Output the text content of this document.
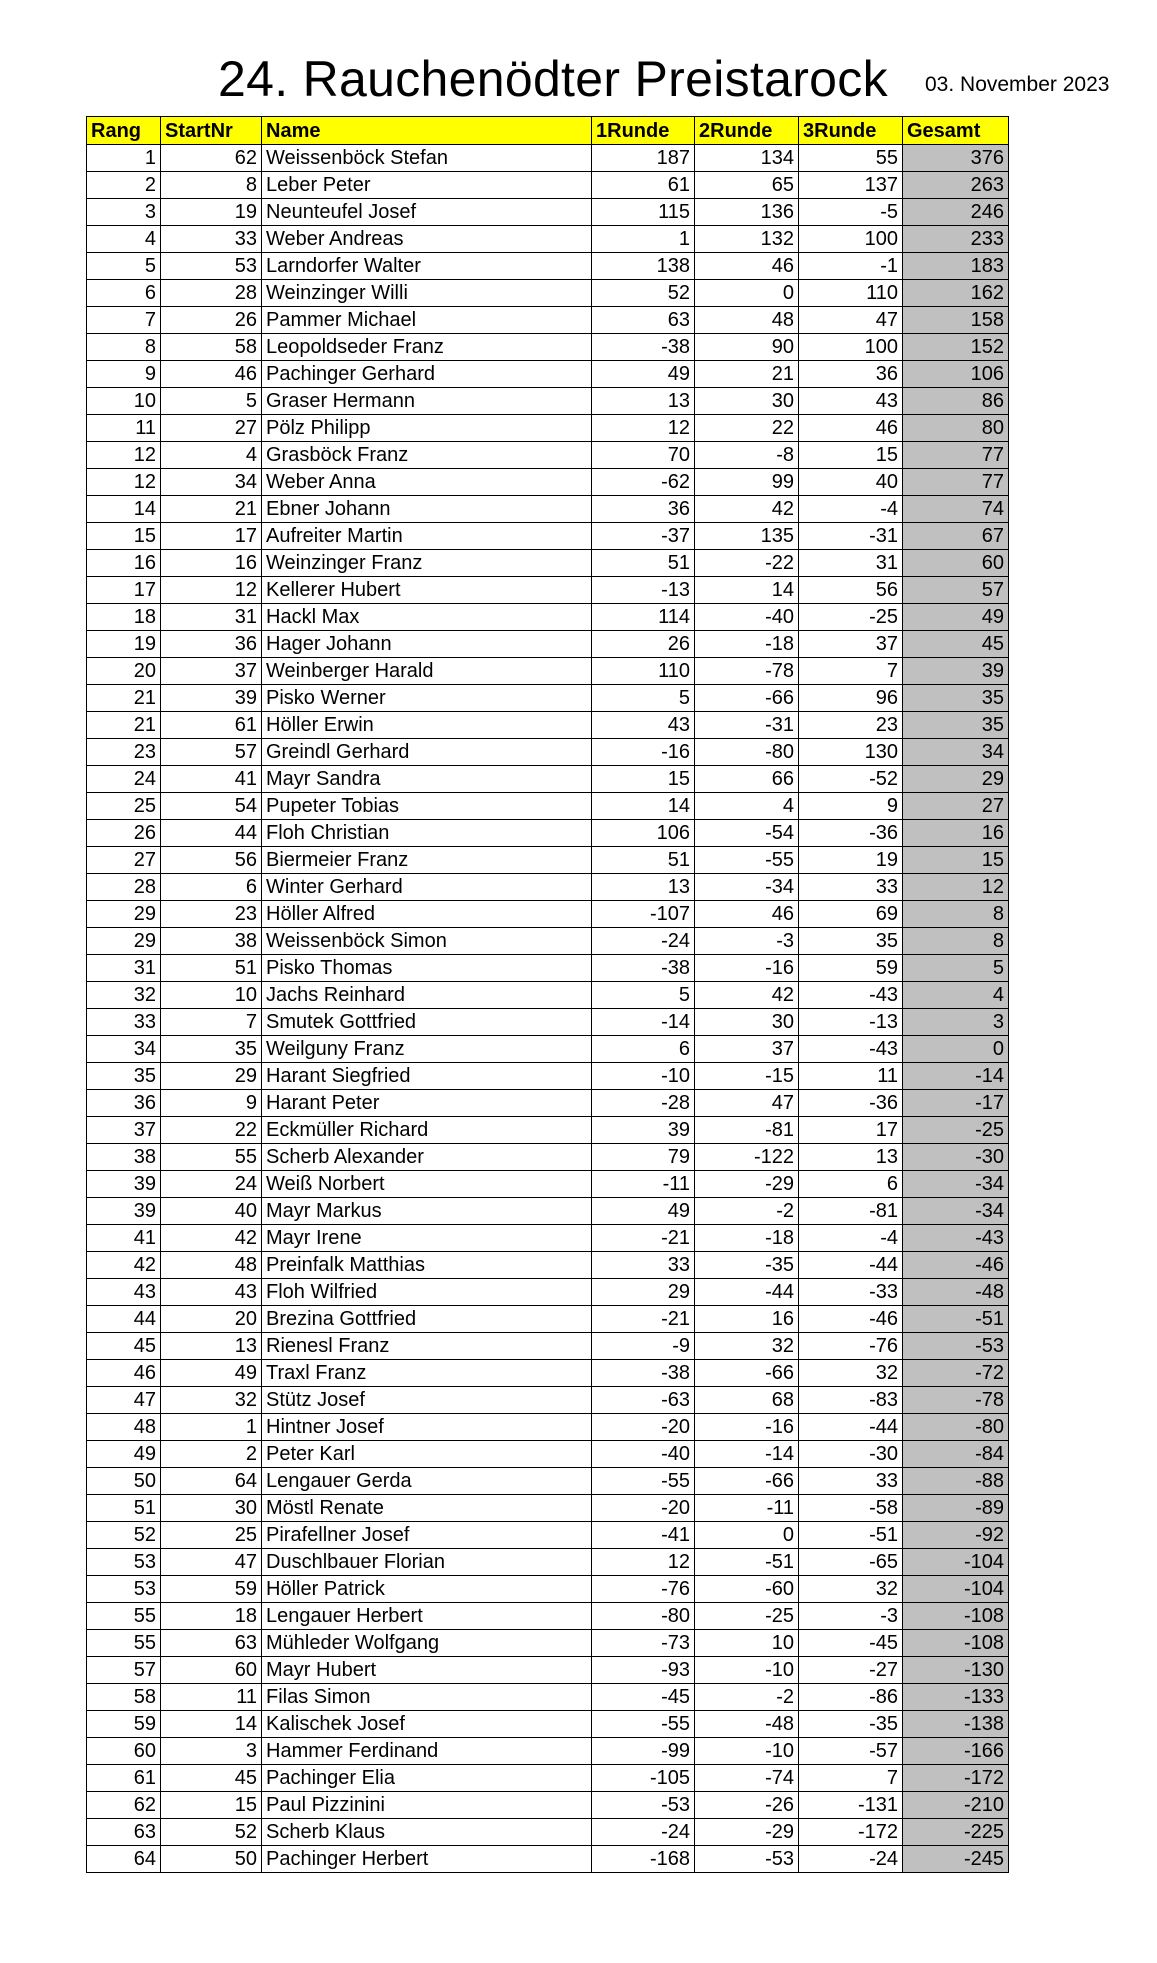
24. Rauchenödter Preistarock 03. November 2023
Rang	StartNr	Name	1Runde	2Runde	3Runde	Gesamt
1	62	Weissenböck Stefan	187	134	55	376
2	8	Leber Peter	61	65	137	263
3	19	Neunteufel Josef	115	136	-5	246
4	33	Weber Andreas	1	132	100	233
5	53	Larndorfer Walter	138	46	-1	183
6	28	Weinzinger Willi	52	0	110	162
7	26	Pammer Michael	63	48	47	158
8	58	Leopoldseder Franz	-38	90	100	152
9	46	Pachinger Gerhard	49	21	36	106
10	5	Graser Hermann	13	30	43	86
11	27	Pölz Philipp	12	22	46	80
12	4	Grasböck Franz	70	-8	15	77
12	34	Weber Anna	-62	99	40	77
14	21	Ebner Johann	36	42	-4	74
15	17	Aufreiter Martin	-37	135	-31	67
16	16	Weinzinger Franz	51	-22	31	60
17	12	Kellerer Hubert	-13	14	56	57
18	31	Hackl Max	114	-40	-25	49
19	36	Hager Johann	26	-18	37	45
20	37	Weinberger Harald	110	-78	7	39
21	39	Pisko Werner	5	-66	96	35
21	61	Höller Erwin	43	-31	23	35
23	57	Greindl Gerhard	-16	-80	130	34
24	41	Mayr Sandra	15	66	-52	29
25	54	Pupeter Tobias	14	4	9	27
26	44	Floh Christian	106	-54	-36	16
27	56	Biermeier Franz	51	-55	19	15
28	6	Winter Gerhard	13	-34	33	12
29	23	Höller Alfred	-107	46	69	8
29	38	Weissenböck Simon	-24	-3	35	8
31	51	Pisko Thomas	-38	-16	59	5
32	10	Jachs Reinhard	5	42	-43	4
33	7	Smutek Gottfried	-14	30	-13	3
34	35	Weilguny Franz	6	37	-43	0
35	29	Harant Siegfried	-10	-15	11	-14
36	9	Harant Peter	-28	47	-36	-17
37	22	Eckmüller Richard	39	-81	17	-25
38	55	Scherb Alexander	79	-122	13	-30
39	24	Weiß Norbert	-11	-29	6	-34
39	40	Mayr Markus	49	-2	-81	-34
41	42	Mayr Irene	-21	-18	-4	-43
42	48	Preinfalk Matthias	33	-35	-44	-46
43	43	Floh Wilfried	29	-44	-33	-48
44	20	Brezina Gottfried	-21	16	-46	-51
45	13	Rienesl Franz	-9	32	-76	-53
46	49	Traxl Franz	-38	-66	32	-72
47	32	Stütz Josef	-63	68	-83	-78
48	1	Hintner Josef	-20	-16	-44	-80
49	2	Peter Karl	-40	-14	-30	-84
50	64	Lengauer Gerda	-55	-66	33	-88
51	30	Möstl Renate	-20	-11	-58	-89
52	25	Pirafellner Josef	-41	0	-51	-92
53	47	Duschlbauer Florian	12	-51	-65	-104
53	59	Höller Patrick	-76	-60	32	-104
55	18	Lengauer Herbert	-80	-25	-3	-108
55	63	Mühleder Wolfgang	-73	10	-45	-108
57	60	Mayr Hubert	-93	-10	-27	-130
58	11	Filas Simon	-45	-2	-86	-133
59	14	Kalischek Josef	-55	-48	-35	-138
60	3	Hammer Ferdinand	-99	-10	-57	-166
61	45	Pachinger Elia	-105	-74	7	-172
62	15	Paul Pizzinini	-53	-26	-131	-210
63	52	Scherb Klaus	-24	-29	-172	-225
64	50	Pachinger Herbert	-168	-53	-24	-245
